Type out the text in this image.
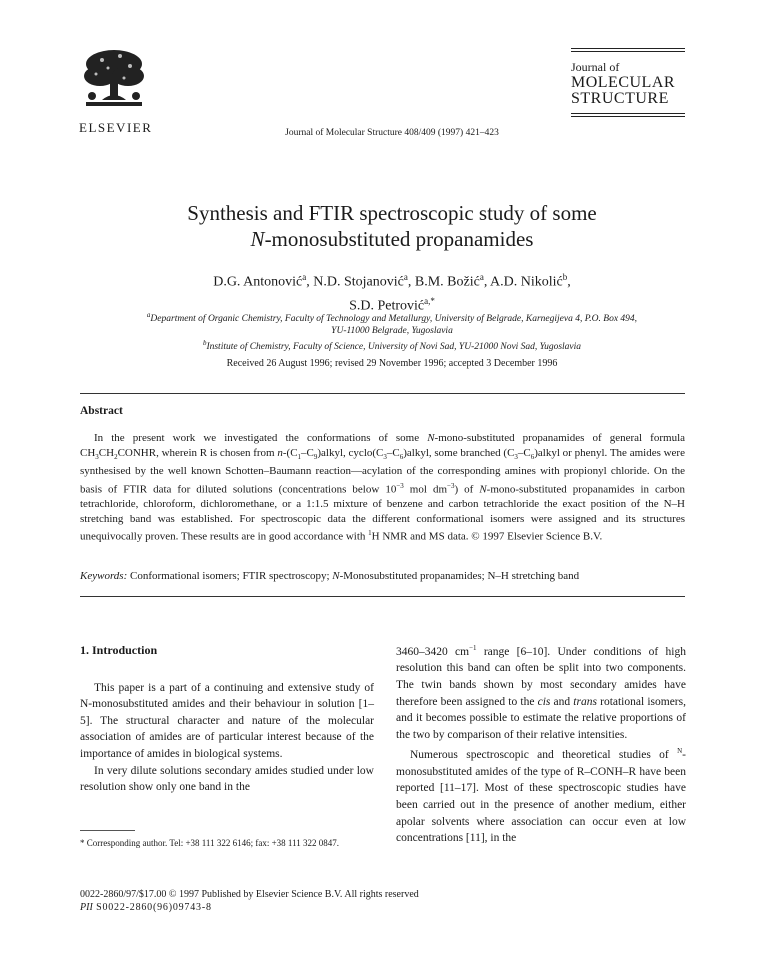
ELSEVIER	Journal of Molecular Structure 408/409 (1997) 421–423
Journal of
MOLECULAR
STRUCTURE
Synthesis and FTIR spectroscopic study of some
N-monosubstituted propanamides
D.G. Antonović$^a$, N.D. Stojanović$^a$, B.M. Božić$^a$, A.D. Nikolić$^b$,
S.D. Petrović$^{a,*}$
$^a$Department of Organic Chemistry, Faculty of Technology and Metallurgy, University of Belgrade, Karnegijeva 4, P.O. Box 494,
YU-11000 Belgrade, Yugoslavia
$^b$Institute of Chemistry, Faculty of Science, University of Novi Sad, YU-21000 Novi Sad, Yugoslavia
Received 26 August 1996; revised 29 November 1996; accepted 3 December 1996
Abstract
In the present work we investigated the conformations of some N-mono-substituted propanamides of general formula $CH_3CH_2CONHR$, wherein R is chosen from $n-(C_1-C_9)alkyl$, $cyclo(C_3-C_6)alkyl$, some branched $(C_3-C_6)alkyl$ or phenyl. The amides were synthesised by the well known Schotten–Baumann reaction—acylation of the corresponding amines with propionyl chloride. On the basis of FTIR data for diluted solutions (concentrations below $10^{-3}$ mol $dm^{-3}$) of N-mono-substituted propanamides in carbon tetrachloride, chloroform, dichloromethane, or a 1:1.5 mixture of benzene and carbon tetrachloride the exact position of the N–H stretching band was established. For spectroscopic data the different conformational isomers were assigned and its structures unequivocally proven. These results are in good accordance with $^1$H NMR and MS data. © 1997 Elsevier Science B.V.
Keywords: Conformational isomers; FTIR spectroscopy; N-Monosubstituted propanamides; N–H stretching band
1. Introduction

This paper is a part of a continuing and extensive study of N-monosubstituted amides and their behaviour in solution [1–5]. The structural character and nature of the molecular association of amides are of particular interest because of the importance of amides in biological systems.

In very dilute solutions secondary amides studied under low resolution show only one band in the

* Corresponding author. Tel: +38 111 322 6146; fax: +38 111 322 0847.

3460–3420 $cm^{-1}$ range [6–10]. Under conditions of high resolution this band can often be split into two components. The twin bands shown by most secondary amides have therefore been assigned to the cis and trans rotational isomers, and it becomes possible to estimate the relative proportions of the two by comparison of their relative intensities.

Numerous spectroscopic and theoretical studies of $^N$-monosubstituted amides of the type of R–CONH–R have been reported [11–17]. Most of these spectroscopic studies have been carried out in the presence of another medium, either apolar solvents where association can occur even at low concentrations [11], in the

0022-2860/97/$17.00 © 1997 Published by Elsevier Science B.V. All rights reserved
PII S0022-2860(96)09743-8
